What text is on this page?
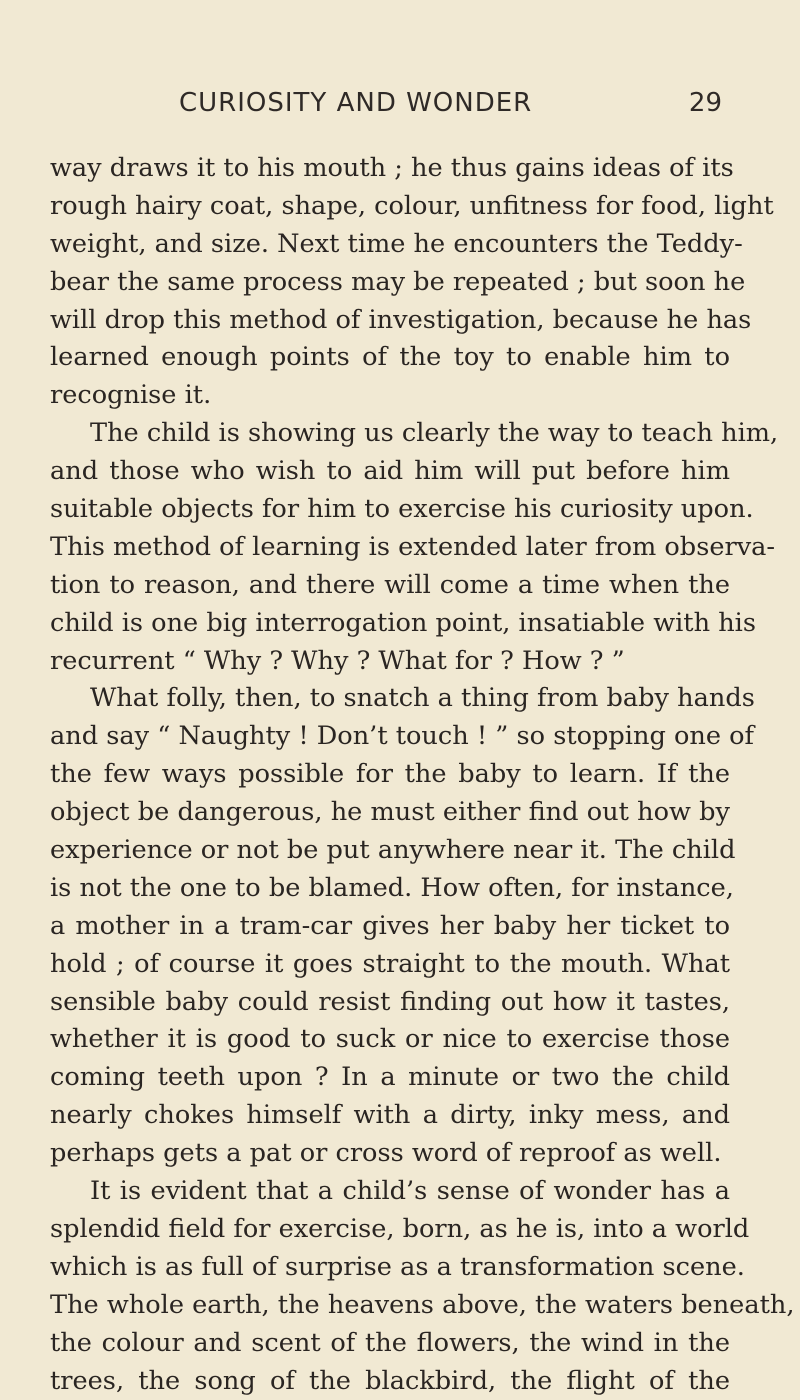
CURIOSITY AND WONDER	29
way draws it to his mouth ; he thus gains ideas of its
rough hairy coat, shape, colour, unfitness for food, light
weight, and size. Next time he encounters the Teddy-
bear the same process may be repeated ; but soon he
will drop this method of investigation, because he has
learned enough points of the toy to enable him to
recognise it.
The child is showing us clearly the way to teach him,
and those who wish to aid him will put before him
suitable objects for him to exercise his curiosity upon.
This method of learning is extended later from observa-
tion to reason, and there will come a time when the
child is one big interrogation point, insatiable with his
recurrent “ Why ? Why ? What for ? How ? ”
What folly, then, to snatch a thing from baby hands
and say “ Naughty ! Don’t touch ! ” so stopping one of
the few ways possible for the baby to learn. If the
object be dangerous, he must either find out how by
experience or not be put anywhere near it. The child
is not the one to be blamed. How often, for instance,
a mother in a tram-car gives her baby her ticket to
hold ; of course it goes straight to the mouth. What
sensible baby could resist finding out how it tastes,
whether it is good to suck or nice to exercise those
coming teeth upon ? In a minute or two the child
nearly chokes himself with a dirty, inky mess, and
perhaps gets a pat or cross word of reproof as well.
It is evident that a child’s sense of wonder has a
splendid field for exercise, born, as he is, into a world
which is as full of surprise as a transformation scene.
The whole earth, the heavens above, the waters beneath,
the colour and scent of the flowers, the wind in the
trees, the song of the blackbird, the flight of the
